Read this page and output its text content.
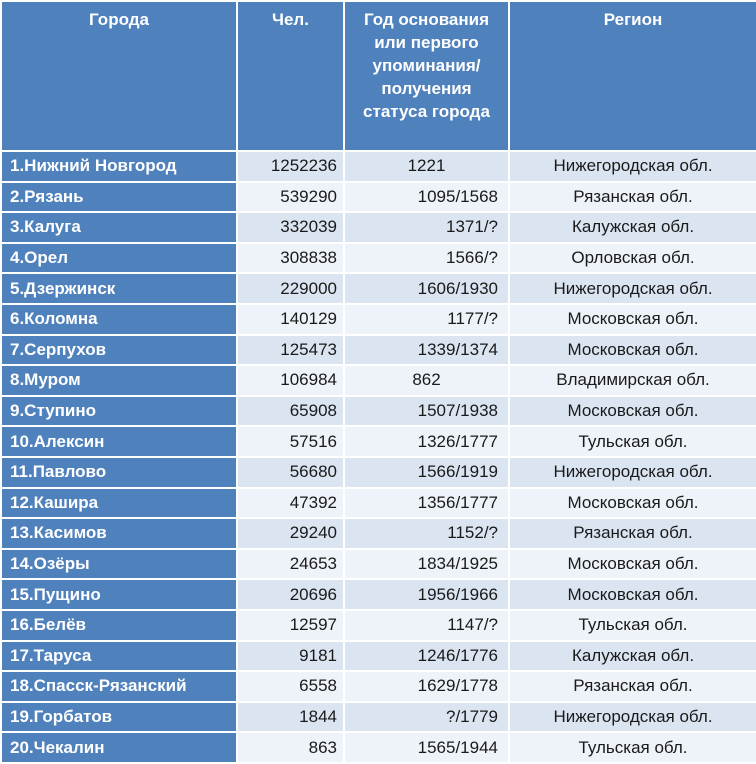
Города	Чел.	Год основания или первого упоминания/ получения статуса города	Регион
1.Нижний Новгород	1252236	1221	Нижегородская обл.
2.Рязань	539290	1095/1568	Рязанская обл.
3.Калуга	332039	1371/?	Калужская обл.
4.Орел	308838	1566/?	Орловская обл.
5.Дзержинск	229000	1606/1930	Нижегородская обл.
6.Коломна	140129	1177/?	Московская обл.
7.Серпухов	125473	1339/1374	Московская обл.
8.Муром	106984	862	Владимирская обл.
9.Ступино	65908	1507/1938	Московская обл.
10.Алексин	57516	1326/1777	Тульская обл.
11.Павлово	56680	1566/1919	Нижегородская обл.
12.Кашира	47392	1356/1777	Московская обл.
13.Касимов	29240	1152/?	Рязанская обл.
14.Озёры	24653	1834/1925	Московская обл.
15.Пущино	20696	1956/1966	Московская обл.
16.Белёв	12597	1147/?	Тульская обл.
17.Таруса	9181	1246/1776	Калужская обл.
18.Спасск-Рязанский	6558	1629/1778	Рязанская обл.
19.Горбатов	1844	?/1779	Нижегородская обл.
20.Чекалин	863	1565/1944	Тульская обл.
